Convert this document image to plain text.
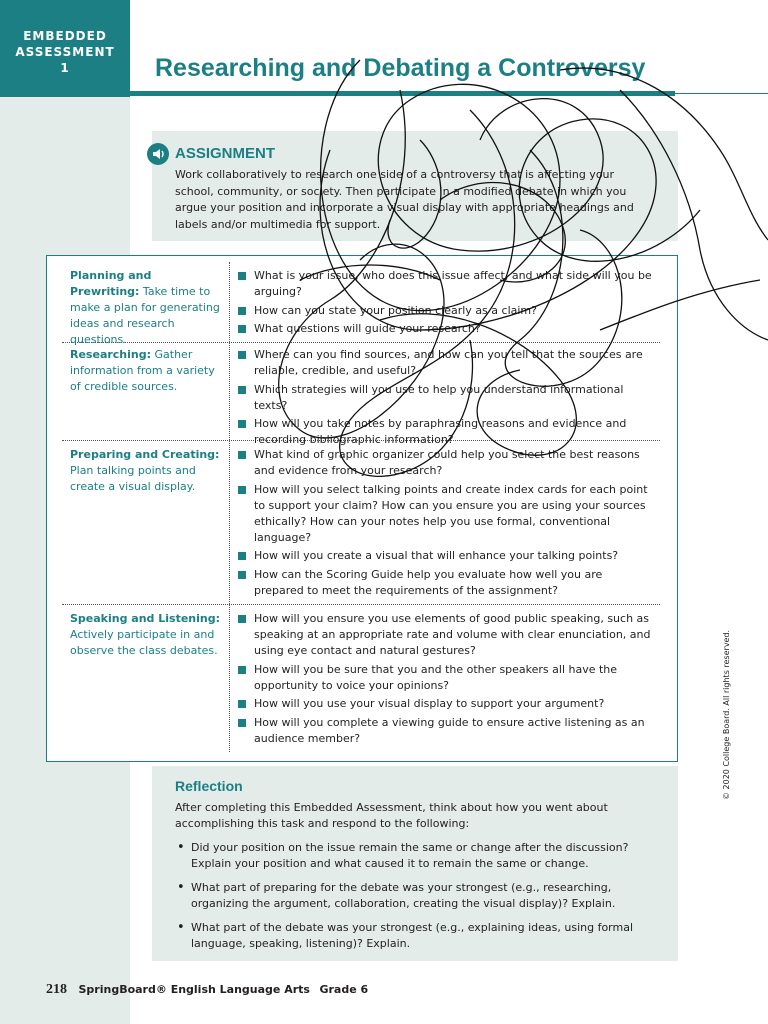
EMBEDDED
ASSESSMENT
1	Researching and Debating a Controversy
ASSIGNMENT
Work collaboratively to research one side of a controversy that is affecting your school, community, or society. Then participate in a modified debate in which you argue your position and incorporate a visual display with appropriate headings and labels and/or multimedia for support.
Planning and Prewriting: Take time to make a plan for generating ideas and research questions.
What is your issue, who does this issue affect, and what side will you be arguing?
How can you state your position clearly as a claim?
What questions will guide your research?
Researching: Gather information from a variety of credible sources.
Where can you find sources, and how can you tell that the sources are reliable, credible, and useful?
Which strategies will you use to help you understand informational texts?
How will you take notes by paraphrasing reasons and evidence and recording bibliographic information?
Preparing and Creating: Plan talking points and create a visual display.
What kind of graphic organizer could help you select the best reasons and evidence from your research?
How will you select talking points and create index cards for each point to support your claim? How can you ensure you are using your sources ethically? How can your notes help you use formal, conventional language?
How will you create a visual that will enhance your talking points?
How can the Scoring Guide help you evaluate how well you are prepared to meet the requirements of the assignment?
Speaking and Listening: Actively participate in and observe the class debates.
How will you ensure you use elements of good public speaking, such as speaking at an appropriate rate and volume with clear enunciation, and using eye contact and natural gestures?
How will you be sure that you and the other speakers all have the opportunity to voice your opinions?
How will you use your visual display to support your argument?
How will you complete a viewing guide to ensure active listening as an audience member?
Reflection
After completing this Embedded Assessment, think about how you went about accomplishing this task and respond to the following:
• Did your position on the issue remain the same or change after the discussion? Explain your position and what caused it to remain the same or change.
• What part of preparing for the debate was your strongest (e.g., researching, organizing the argument, collaboration, creating the visual display)? Explain.
• What part of the debate was your strongest (e.g., explaining ideas, using formal language, speaking, listening)? Explain.
© 2020 College Board. All rights reserved.
218 SpringBoard® English Language Arts Grade 6
